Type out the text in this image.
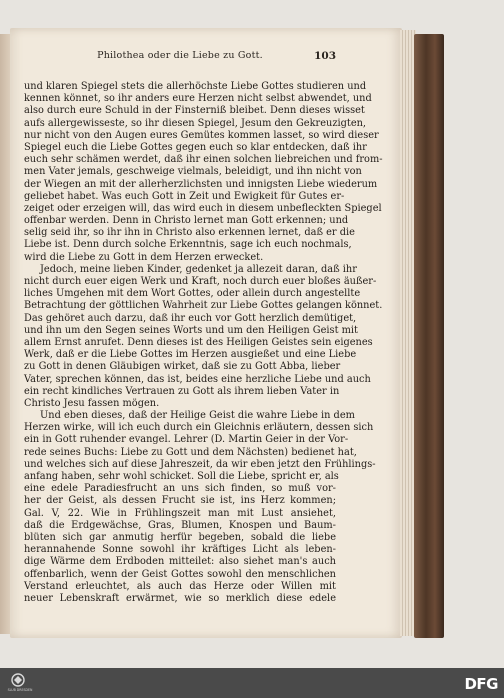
Philothea oder die Liebe zu Gott.	103
und klaren Spiegel stets die allerhöchste Liebe Gottes studieren und
kennen könnet, so ihr anders eure Herzen nicht selbst abwendet, und
also durch eure Schuld in der Finsterniß bleibet. Denn dieses wisset
aufs allergewisseste, so ihr diesen Spiegel, Jesum den Gekreuzigten,
nur nicht von den Augen eures Gemütes kommen lasset, so wird dieser
Spiegel euch die Liebe Gottes gegen euch so klar entdecken, daß ihr
euch sehr schämen werdet, daß ihr einen solchen liebreichen und from-
men Vater jemals, geschweige vielmals, beleidigt, und ihn nicht von
der Wiegen an mit der allerherzlichsten und innigsten Liebe wiederum
geliebet habet. Was euch Gott in Zeit und Ewigkeit für Gutes er-
zeiget oder erzeigen will, das wird euch in diesem unbefleckten Spiegel
offenbar werden. Denn in Christo lernet man Gott erkennen; und
selig seid ihr, so ihr ihn in Christo also erkennen lernet, daß er die
Liebe ist. Denn durch solche Erkenntnis, sage ich euch nochmals,
wird die Liebe zu Gott in dem Herzen erwecket.
Jedoch, meine lieben Kinder, gedenket ja allezeit daran, daß ihr
nicht durch euer eigen Werk und Kraft, noch durch euer bloßes äußer-
liches Umgehen mit dem Wort Gottes, oder allein durch angestellte
Betrachtung der göttlichen Wahrheit zur Liebe Gottes gelangen könnet.
Das gehöret auch darzu, daß ihr euch vor Gott herzlich demütiget,
und ihn um den Segen seines Worts und um den Heiligen Geist mit
allem Ernst anrufet. Denn dieses ist des Heiligen Geistes sein eigenes
Werk, daß er die Liebe Gottes im Herzen ausgießet und eine Liebe
zu Gott in denen Gläubigen wirket, daß sie zu Gott Abba, lieber
Vater, sprechen können, das ist, beides eine herzliche Liebe und auch
ein recht kindliches Vertrauen zu Gott als ihrem lieben Vater in
Christo Jesu fassen mögen.
Und eben dieses, daß der Heilige Geist die wahre Liebe in dem
Herzen wirke, will ich euch durch ein Gleichnis erläutern, dessen sich
ein in Gott ruhender evangel. Lehrer (D. Martin Geier in der Vor-
rede seines Buchs: Liebe zu Gott und dem Nächsten) bedienet hat,
und welches sich auf diese Jahreszeit, da wir eben jetzt den Frühlings-
anfang haben, sehr wohl schicket. Soll die Liebe, spricht er, als
eine edele Paradiesfrucht an uns sich finden, so muß vor-
her der Geist, als dessen Frucht sie ist, ins Herz kommen;
Gal. V, 22. Wie in Frühlingszeit man mit Lust ansiehet,
daß die Erdgewächse, Gras, Blumen, Knospen und Baum-
blüten sich gar anmutig herfür begeben, sobald die liebe
herannahende Sonne sowohl ihr kräftiges Licht als leben-
dige Wärme dem Erdboden mitteilet: also siehet man's auch
offenbarlich, wenn der Geist Gottes sowohl den menschlichen
Verstand erleuchtet, als auch das Herze oder Willen mit
neuer Lebenskraft erwärmet, wie so merklich diese edele
SLUB DRESDEN	DFG
